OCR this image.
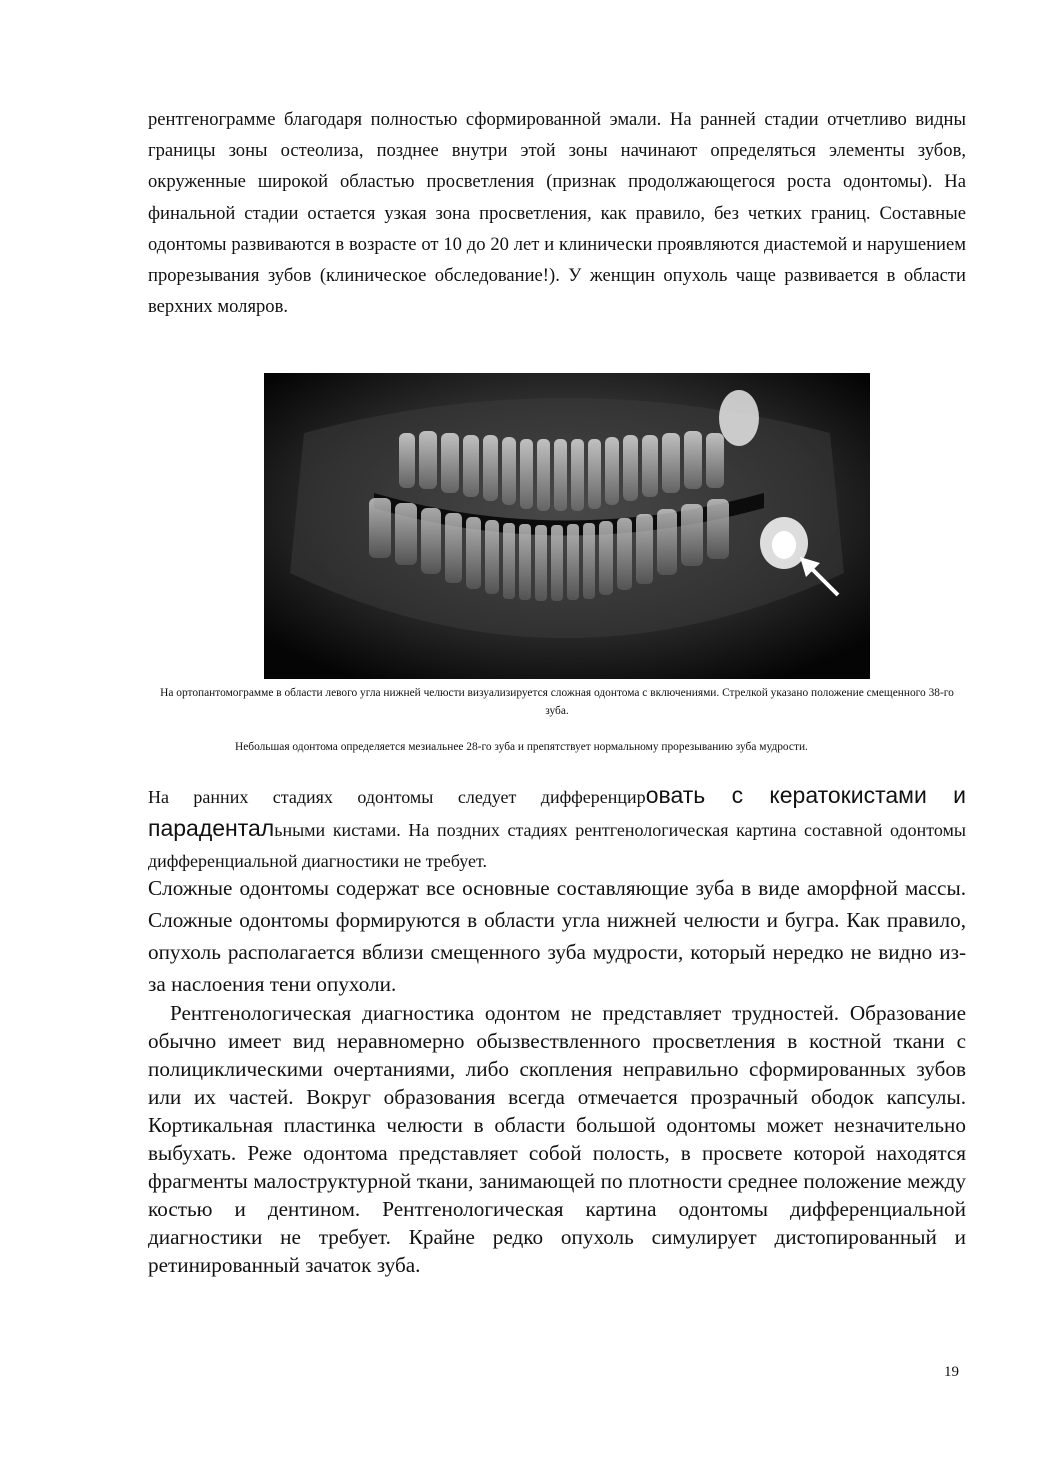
рентгенограмме благодаря полностью сформированной эмали. На ранней стадии отчетливо видны границы зоны остеолиза, позднее внутри этой зоны начинают определяться элементы зубов, окруженные широкой областью просветления (признак продолжающегося роста одонтомы). На финальной стадии остается узкая зона просветления, как правило, без четких границ. Составные одонтомы развиваются в возрасте от 10 до 20 лет и клинически проявляются диастемой и нарушением прорезывания зубов (клиническое обследование!). У женщин опухоль чаще развивается в области верхних моляров.
На ортопантомограмме в области левого угла нижней челюсти визуализируется сложная одонтома с включениями. Стрелкой указано положение смещенного 38-го зуба.
Небольшая одонтома определяется мезиальнее 28-го зуба и препятствует нормальному прорезыванию зуба мудрости.
На ранних стадиях одонтомы следует дифференцировать с кератокистами и парадентальными кистами. На поздних стадиях рентгенологическая картина составной одонтомы дифференциальной диагностики не требует.
Сложные одонтомы содержат все основные составляющие зуба в виде аморфной массы. Сложные одонтомы формируются в области угла нижней челюсти и бугра. Как правило, опухоль располагается вблизи смещенного зуба мудрости, который нередко не видно из-за наслоения тени опухоли.
Рентгенологическая диагностика одонтом не представляет трудностей. Образование обычно имеет вид неравномерно обызвествленного просветления в костной ткани с полициклическими очертаниями, либо скопления неправильно сформированных зубов или их частей. Вокруг образования всегда отмечается прозрачный ободок капсулы. Кортикальная пластинка челюсти в области большой одонтомы может незначительно выбухать. Реже одонтома представляет собой полость, в просвете которой находятся фрагменты малоструктурной ткани, занимающей по плотности среднее положение между костью и дентином. Рентгенологическая картина одонтомы дифференциальной диагностики не требует. Крайне редко опухоль симулирует дистопированный и ретинированный зачаток зуба.
19
